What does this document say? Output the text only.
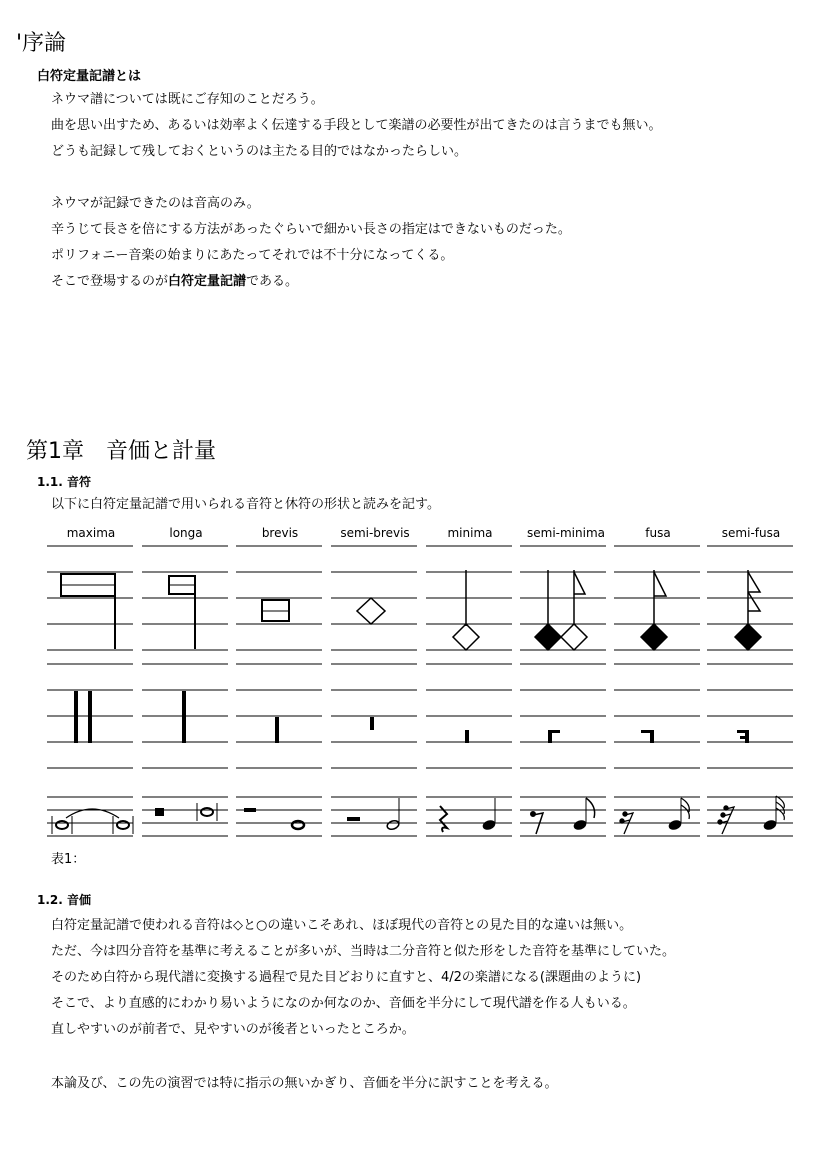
'序論
白符定量記譜とは
ネウマ譜については既にご存知のことだろう。
曲を思い出すため、あるいは効率よく伝達する手段として楽譜の必要性が出てきたのは言うまでも無い。
どうも記録して残しておくというのは主たる目的ではなかったらしい。
ネウマが記録できたのは音高のみ。
辛うじて長さを倍にする方法があったぐらいで細かい長さの指定はできないものだった。
ポリフォニー音楽の始まりにあたってそれでは不十分になってくる。
そこで登場するのが白符定量記譜である。
第1章　音価と計量
1.1. 音符
以下に白符定量記譜で用いられる音符と休符の形状と読みを記す。
maxima	longa	brevis	semi-brevis	minima	semi-minima	fusa	semi-fusa
表1：
1.2. 音価
白符定量記譜で使われる音符は◇と○の違いこそあれ、ほぼ現代の音符との見た目的な違いは無い。
ただ、今は四分音符を基準に考えることが多いが、当時は二分音符と似た形をした音符を基準にしていた。
そのため白符から現代譜に変換する過程で見た目どおりに直すと、4/2の楽譜になる(課題曲のように)
そこで、より直感的にわかり易いようになのか何なのか、音価を半分にして現代譜を作る人もいる。
直しやすいのが前者で、見やすいのが後者といったところか。
本論及び、この先の演習では特に指示の無いかぎり、音価を半分に訳すことを考える。
